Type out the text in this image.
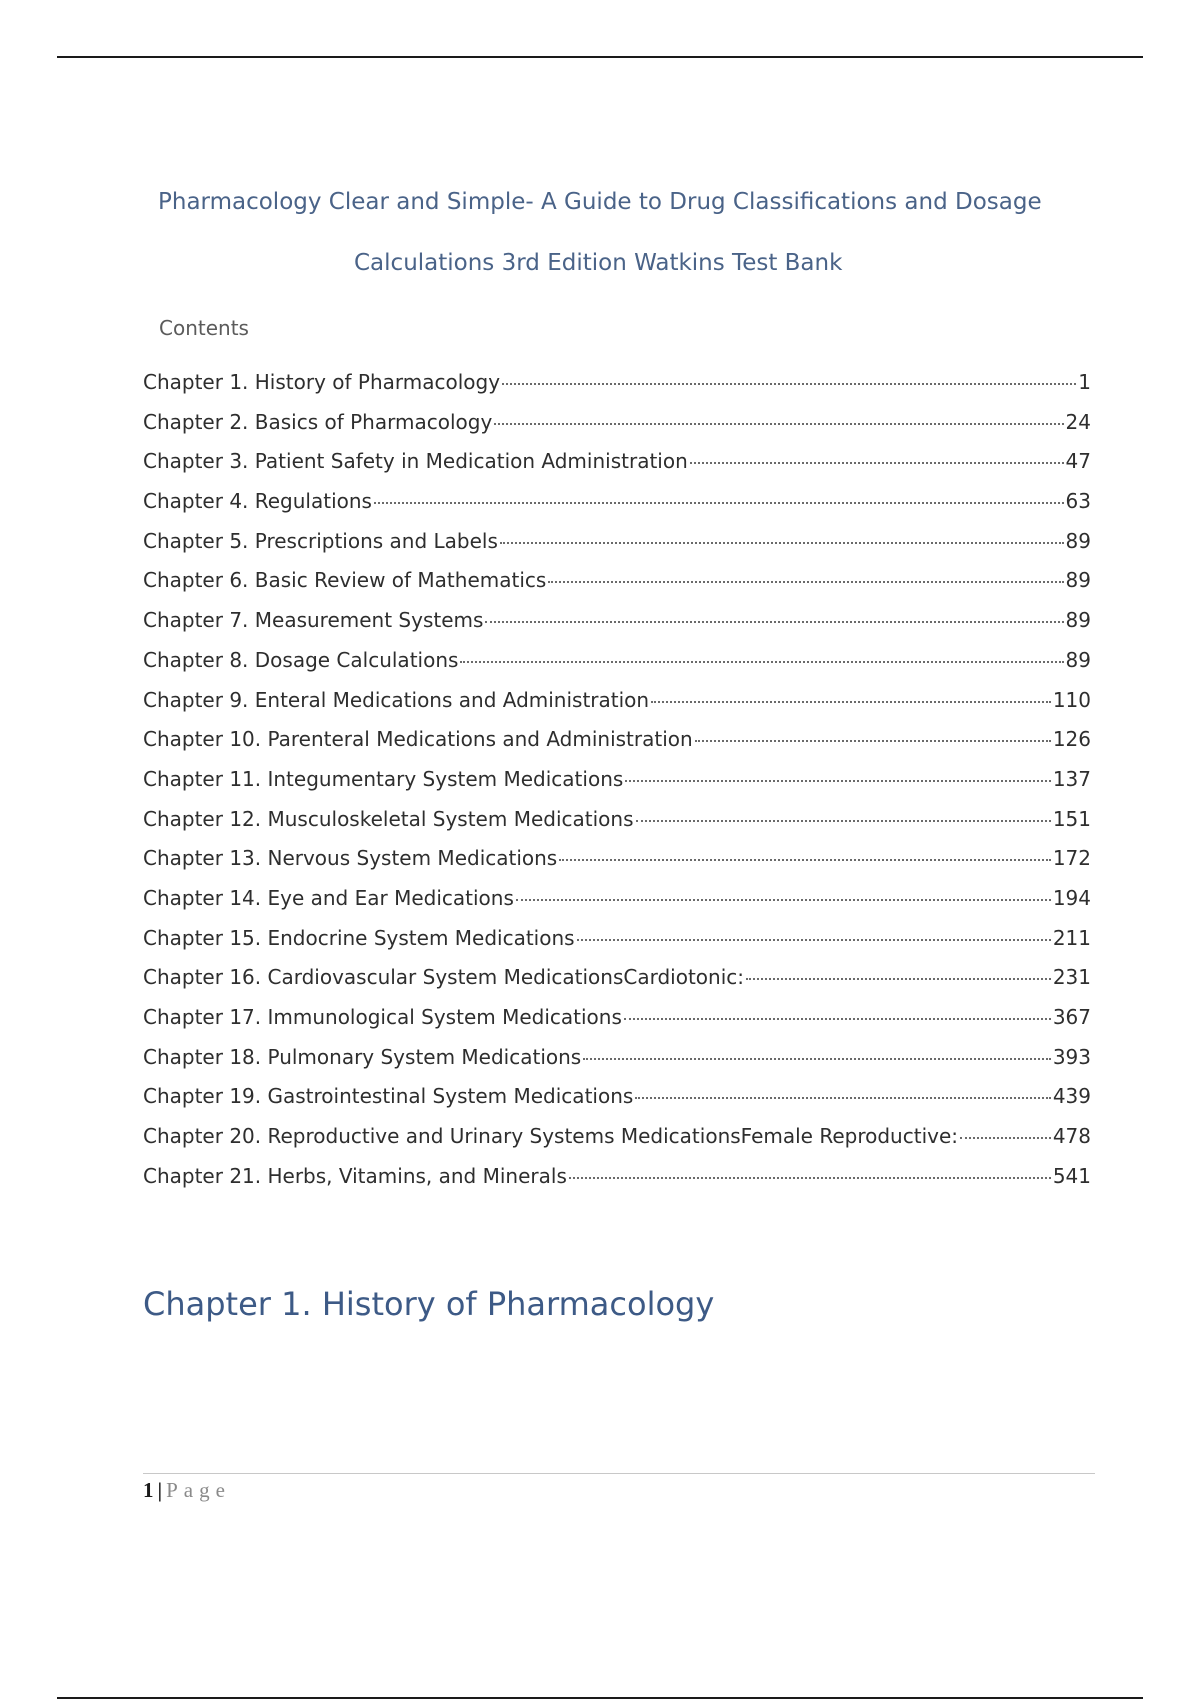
Pharmacology Clear and Simple- A Guide to Drug Classifications and Dosage
Calculations 3rd Edition Watkins Test Bank
Contents
Chapter 1. History of Pharmacology	1
Chapter 2. Basics of Pharmacology	24
Chapter 3. Patient Safety in Medication Administration	47
Chapter 4. Regulations	63
Chapter 5. Prescriptions and Labels	89
Chapter 6. Basic Review of Mathematics	89
Chapter 7. Measurement Systems	89
Chapter 8. Dosage Calculations	89
Chapter 9. Enteral Medications and Administration	110
Chapter 10. Parenteral Medications and Administration	126
Chapter 11. Integumentary System Medications	137
Chapter 12. Musculoskeletal System Medications	151
Chapter 13. Nervous System Medications	172
Chapter 14. Eye and Ear Medications	194
Chapter 15. Endocrine System Medications	211
Chapter 16. Cardiovascular System MedicationsCardiotonic:	231
Chapter 17. Immunological System Medications	367
Chapter 18. Pulmonary System Medications	393
Chapter 19. Gastrointestinal System Medications	439
Chapter 20. Reproductive and Urinary Systems MedicationsFemale Reproductive:	478
Chapter 21. Herbs, Vitamins, and Minerals	541
Chapter 1. History of Pharmacology
1 | Page
